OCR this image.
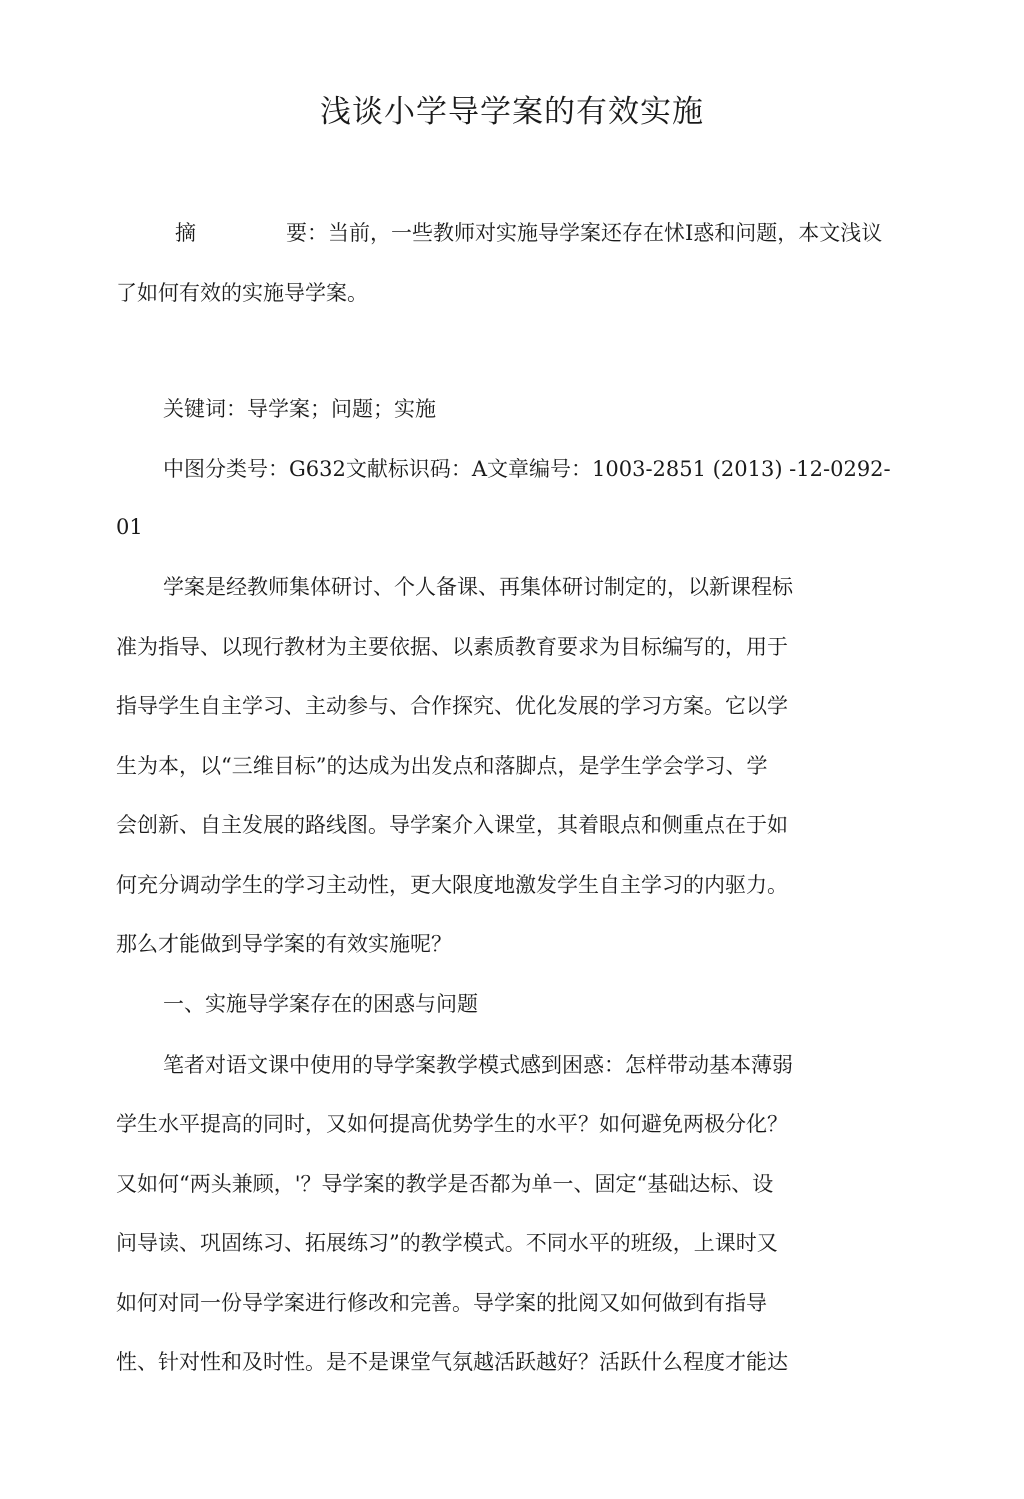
浅谈小学导学案的有效实施
摘	要：当前，一些教师对实施导学案还存在怵I惑和问题，本文浅议
了如何有效的实施导学案。
关键词：导学案；问题；实施
中图分类号：G632文献标识码：A文章编号：1003-2851 (2013) -12-0292-
01
学案是经教师集体研讨、个人备课、再集体研讨制定的，以新课程标
准为指导、以现行教材为主要依据、以素质教育要求为目标编写的，用于
指导学生自主学习、主动参与、合作探究、优化发展的学习方案。它以学
生为本，以“三维目标”的达成为出发点和落脚点，是学生学会学习、学
会创新、自主发展的路线图。导学案介入课堂，其着眼点和侧重点在于如
何充分调动学生的学习主动性，更大限度地激发学生自主学习的内驱力。
那么才能做到导学案的有效实施呢？
一、实施导学案存在的困惑与问题
笔者对语文课中使用的导学案教学模式感到困惑：怎样带动基本薄弱
学生水平提高的同时，又如何提高优势学生的水平？如何避免两极分化？
又如何“两头兼顾，'？导学案的教学是否都为单一、固定“基础达标、设
问导读、巩固练习、拓展练习”的教学模式。不同水平的班级，上课时又
如何对同一份导学案进行修改和完善。导学案的批阅又如何做到有指导
性、针对性和及时性。是不是课堂气氛越活跃越好？活跃什么程度才能达
